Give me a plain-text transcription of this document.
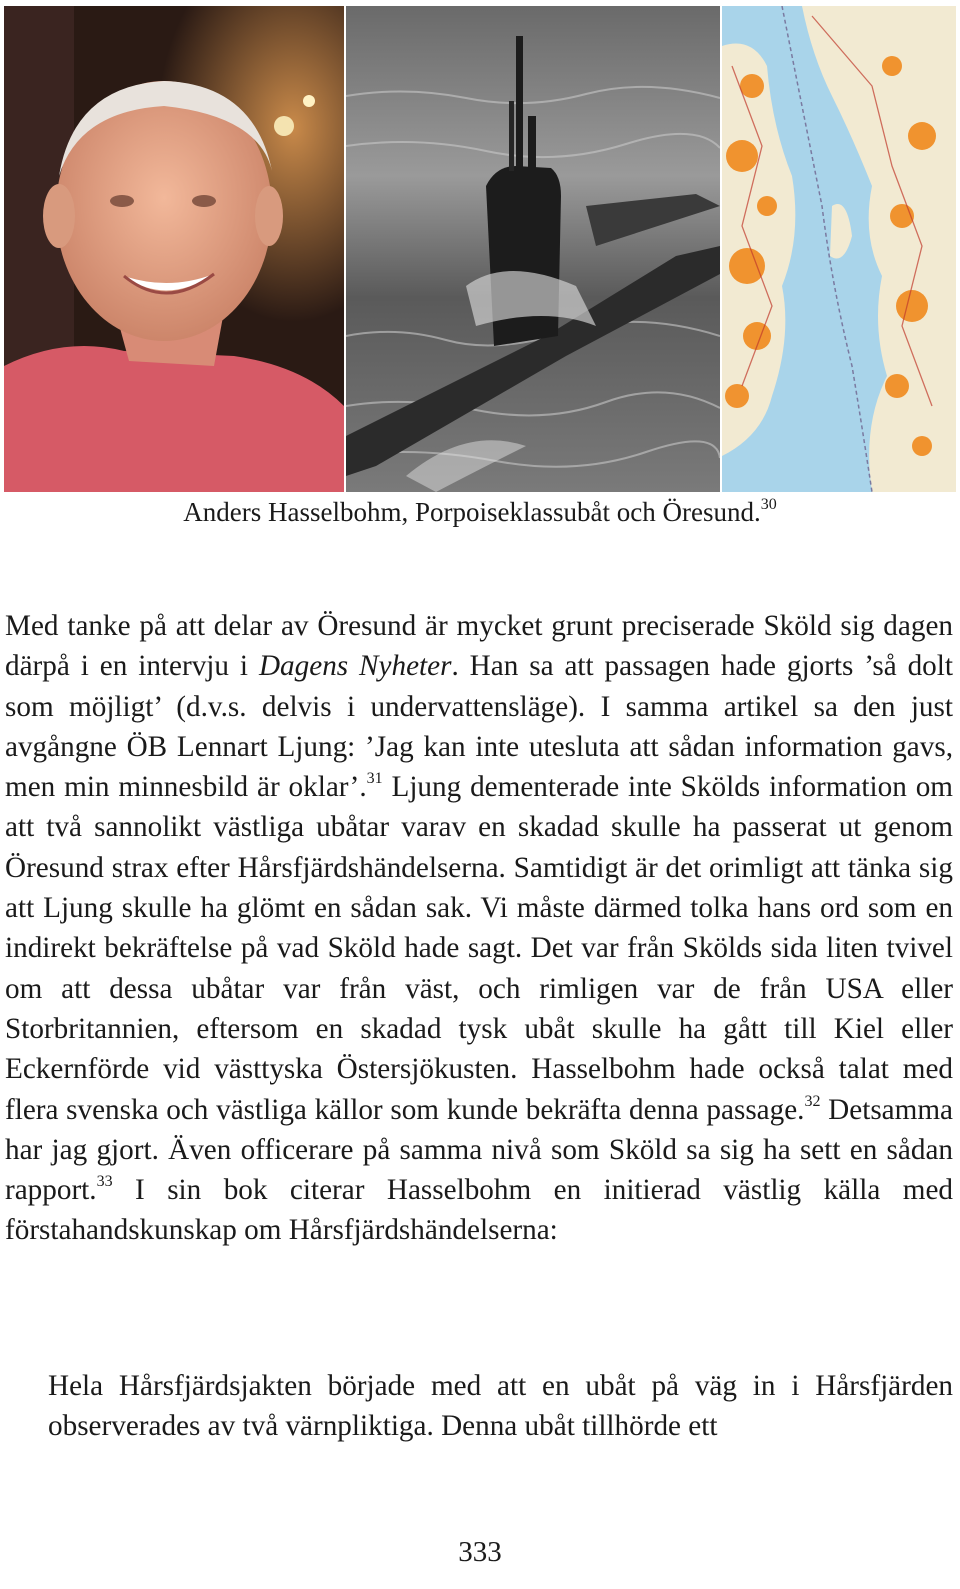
Anders Hasselbohm, Porpoiseklassubåt och Öresund.$^{30}$
Med tanke på att delar av Öresund är mycket grunt preciserade Sköld sig dagen därpå i en intervju i Dagens Nyheter. Han sa att passagen hade gjorts ’så dolt som möjligt’ (d.v.s. delvis i undervattensläge). I samma artikel sa den just avgångne ÖB Lennart Ljung: ’Jag kan inte utesluta att sådan information gavs, men min minnesbild är oklar’.$^{31}$ Ljung dementerade inte Skölds information om att två sannolikt västliga ubåtar varav en skadad skulle ha passerat ut genom Öresund strax efter Hårsfjärdshändelserna. Samtidigt är det orimligt att tänka sig att Ljung skulle ha glömt en sådan sak. Vi måste därmed tolka hans ord som en indirekt bekräftelse på vad Sköld hade sagt. Det var från Skölds sida liten tvivel om att dessa ubåtar var från väst, och rimligen var de från USA eller Storbritannien, eftersom en skadad tysk ubåt skulle ha gått till Kiel eller Eckernförde vid västtyska Östersjökusten. Hasselbohm hade också talat med flera svenska och västliga källor som kunde bekräfta denna passage.$^{32}$ Detsamma har jag gjort. Även officerare på samma nivå som Sköld sa sig ha sett en sådan rapport.$^{33}$ I sin bok citerar Hasselbohm en initierad västlig källa med förstahandskunskap om Hårsfjärdshändelserna:
Hela Hårsfjärdsjakten började med att en ubåt på väg in i Hårsfjärden observerades av två värnpliktiga. Denna ubåt tillhörde ett
333
